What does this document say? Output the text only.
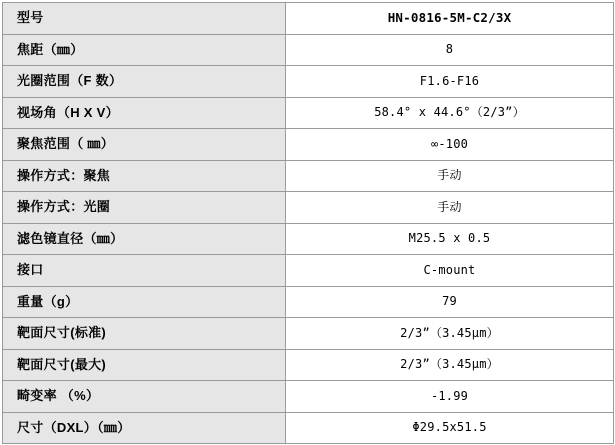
型号	HN-0816-5M-C2/3X
焦距（㎜）	8
光圈范围（F 数）	F1.6-F16
视场角（H X V）	58.4° x 44.6°（2/3”）
聚焦范围（ ㎜）	∞-100
操作方式：聚焦	手动
操作方式：光圈	手动
滤色镜直径（㎜）	M25.5 x 0.5
接口	C-mount
重量（g）	79
靶面尺寸(标准)	2/3”（3.45μm）
靶面尺寸(最大)	2/3”（3.45μm）
畸变率 （%）	-1.99
尺寸（DXL）（㎜）	Φ29.5x51.5
